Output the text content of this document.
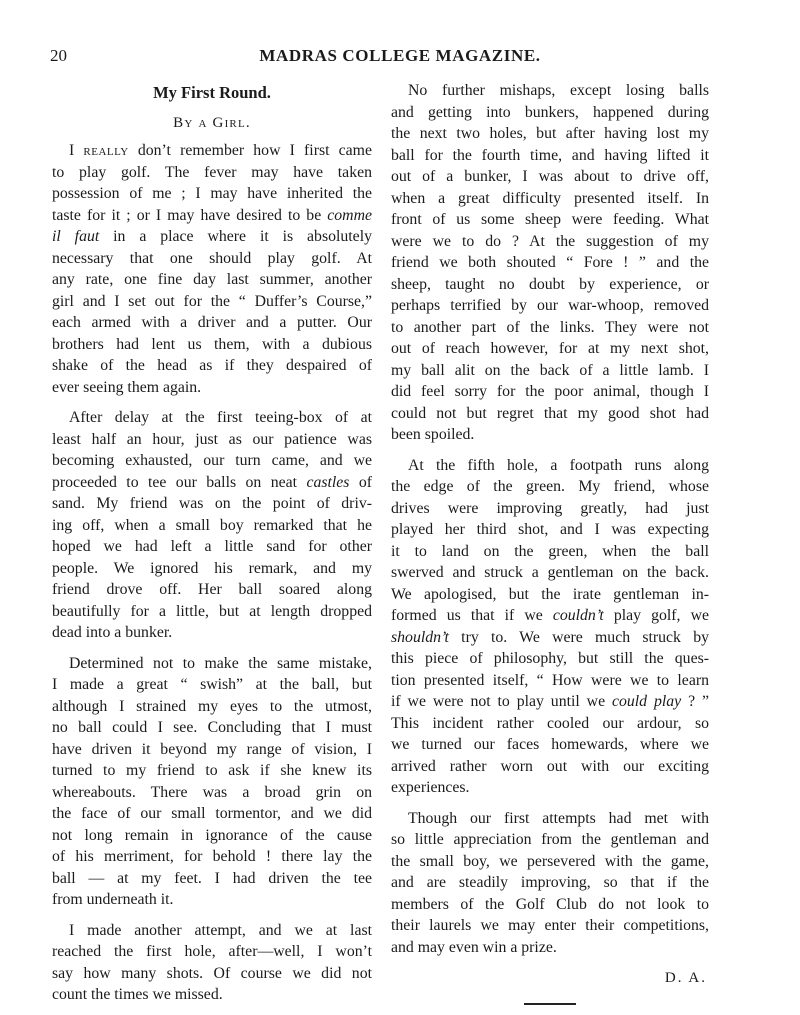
20	MADRAS COLLEGE MAGAZINE.
My First Round.
By a Girl.
I really don’t remember how I first came
to play golf. The fever may have taken
possession of me ; I may have inherited the
taste for it ; or I may have desired to be comme
il faut in a place where it is absolutely
necessary that one should play golf. At
any rate, one fine day last summer, another
girl and I set out for the “ Duffer’s Course,”
each armed with a driver and a putter. Our
brothers had lent us them, with a dubious
shake of the head as if they despaired of
ever seeing them again.
After delay at the first teeing-box of at
least half an hour, just as our patience was
becoming exhausted, our turn came, and we
proceeded to tee our balls on neat castles of
sand. My friend was on the point of driv-
ing off, when a small boy remarked that he
hoped we had left a little sand for other
people. We ignored his remark, and my
friend drove off. Her ball soared along
beautifully for a little, but at length dropped
dead into a bunker.
Determined not to make the same mistake,
I made a great “ swish” at the ball, but
although I strained my eyes to the utmost,
no ball could I see. Concluding that I must
have driven it beyond my range of vision, I
turned to my friend to ask if she knew its
whereabouts. There was a broad grin on
the face of our small tormentor, and we did
not long remain in ignorance of the cause
of his merriment, for behold ! there lay the
ball — at my feet. I had driven the tee
from underneath it.
I made another attempt, and we at last
reached the first hole, after—well, I won’t
say how many shots. Of course we did not
count the times we missed.
No further mishaps, except losing balls
and getting into bunkers, happened during
the next two holes, but after having lost my
ball for the fourth time, and having lifted it
out of a bunker, I was about to drive off,
when a great difficulty presented itself. In
front of us some sheep were feeding. What
were we to do ? At the suggestion of my
friend we both shouted “ Fore ! ” and the
sheep, taught no doubt by experience, or
perhaps terrified by our war-whoop, removed
to another part of the links. They were not
out of reach however, for at my next shot,
my ball alit on the back of a little lamb. I
did feel sorry for the poor animal, though I
could not but regret that my good shot had
been spoiled.
At the fifth hole, a footpath runs along
the edge of the green. My friend, whose
drives were improving greatly, had just
played her third shot, and I was expecting
it to land on the green, when the ball
swerved and struck a gentleman on the back.
We apologised, but the irate gentleman in-
formed us that if we couldn’t play golf, we
shouldn’t try to. We were much struck by
this piece of philosophy, but still the ques-
tion presented itself, “ How were we to learn
if we were not to play until we could play ? ”
This incident rather cooled our ardour, so
we turned our faces homewards, where we
arrived rather worn out with our exciting
experiences.
Though our first attempts had met with
so little appreciation from the gentleman and
the small boy, we persevered with the game,
and are steadily improving, so that if the
members of the Golf Club do not look to
their laurels we may enter their competitions,
and may even win a prize.
D. A.
